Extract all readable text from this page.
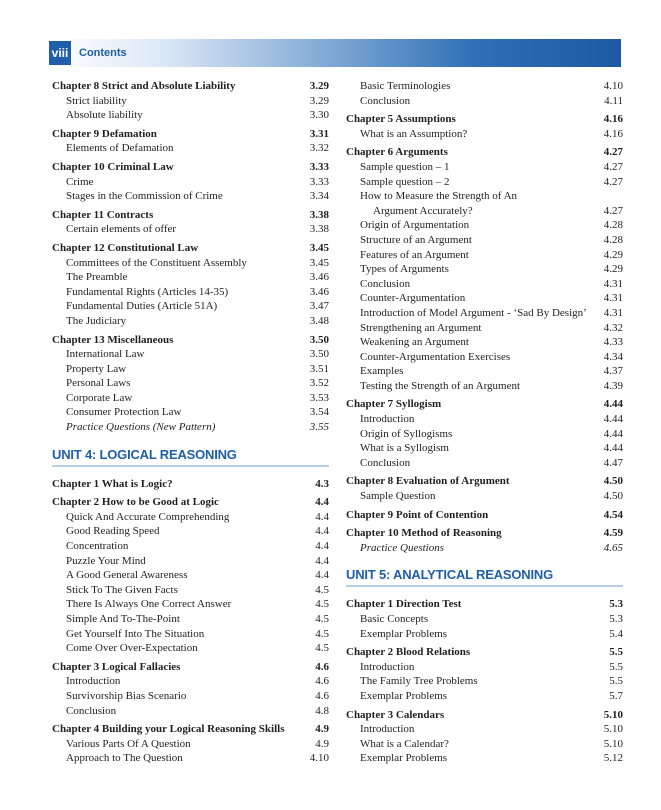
viii Contents
Chapter 8 Strict and Absolute Liability	3.29
Strict liability	3.29
Absolute liability	3.30
Chapter 9 Defamation	3.31
Elements of Defamation	3.32
Chapter 10 Criminal Law	3.33
Crime	3.33
Stages in the Commission of Crime	3.34
Chapter 11 Contracts	3.38
Certain elements of offer	3.38
Chapter 12 Constitutional Law	3.45
Committees of the Constituent Assembly	3.45
The Preamble	3.46
Fundamental Rights (Articles 14-35)	3.46
Fundamental Duties (Article 51A)	3.47
The Judiciary	3.48
Chapter 13 Miscellaneous	3.50
International Law	3.50
Property Law	3.51
Personal Laws	3.52
Corporate Law	3.53
Consumer Protection Law	3.54
Practice Questions (New Pattern)	3.55
UNIT 4: LOGICAL REASONING
Chapter 1 What is Logic?	4.3
Chapter 2 How to be Good at Logic	4.4
Quick And Accurate Comprehending	4.4
Good Reading Speed	4.4
Concentration	4.4
Puzzle Your Mind	4.4
A Good General Awareness	4.4
Stick To The Given Facts	4.5
There Is Always One Correct Answer	4.5
Simple And To-The-Point	4.5
Get Yourself Into The Situation	4.5
Come Over Over-Expectation	4.5
Chapter 3 Logical Fallacies	4.6
Introduction	4.6
Survivorship Bias Scenario	4.6
Conclusion	4.8
Chapter 4 Building your Logical Reasoning Skills	4.9
Various Parts Of A Question	4.9
Approach to The Question	4.10
Basic Terminologies	4.10
Conclusion	4.11
Chapter 5 Assumptions	4.16
What is an Assumption?	4.16
Chapter 6 Arguments	4.27
Sample question – 1	4.27
Sample question – 2	4.27
How to Measure the Strength of An
Argument Accurately?	4.27
Origin of Argumentation	4.28
Structure of an Argument	4.28
Features of an Argument	4.29
Types of Arguments	4.29
Conclusion	4.31
Counter-Argumentation	4.31
Introduction of Model Argument - ‘Sad By Design’ 4.31
Strengthening an Argument	4.32
Weakening an Argument	4.33
Counter-Argumentation Exercises	4.34
Examples	4.37
Testing the Strength of an Argument	4.39
Chapter 7 Syllogism	4.44
Introduction	4.44
Origin of Syllogisms	4.44
What is a Syllogism	4.44
Conclusion	4.47
Chapter 8 Evaluation of Argument	4.50
Sample Question	4.50
Chapter 9 Point of Contention	4.54
Chapter 10 Method of Reasoning	4.59
Practice Questions	4.65
UNIT 5: ANALYTICAL REASONING
Chapter 1 Direction Test	5.3
Basic Concepts	5.3
Exemplar Problems	5.4
Chapter 2 Blood Relations	5.5
Introduction	5.5
The Family Tree Problems	5.5
Exemplar Problems	5.7
Chapter 3 Calendars	5.10
Introduction	5.10
What is a Calendar?	5.10
Exemplar Problems	5.12
